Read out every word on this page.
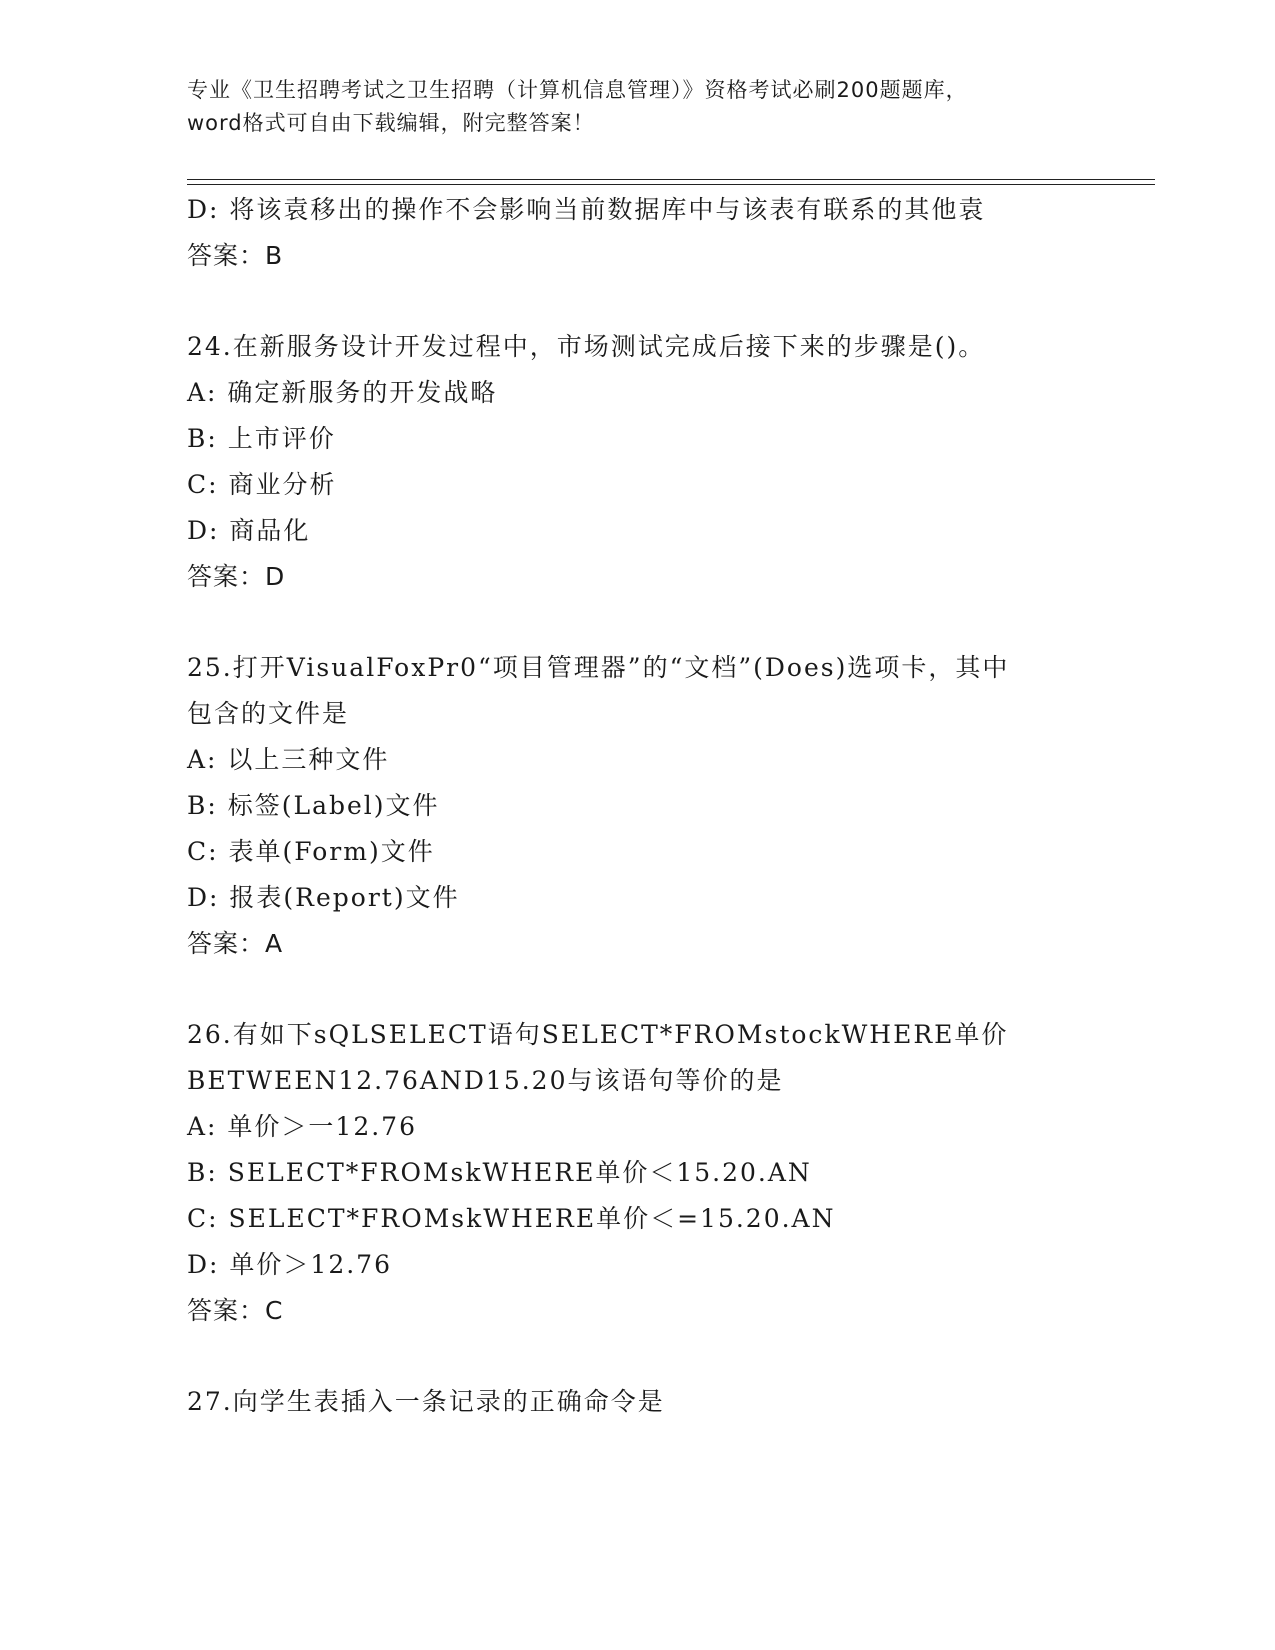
专业《卫生招聘考试之卫生招聘（计算机信息管理）》资格考试必刷200题题库，
word格式可自由下载编辑，附完整答案！
D: 将该袁移出的操作不会影响当前数据库中与该表有联系的其他袁
答案：B
24.在新服务设计开发过程中，市场测试完成后接下来的步骤是()。
A: 确定新服务的开发战略
B: 上市评价
C: 商业分析
D: 商品化
答案：D
25.打开VisualFoxPr0“项目管理器”的“文档”(Does)选项卡，其中
包含的文件是
A: 以上三种文件
B: 标签(Label)文件
C: 表单(Form)文件
D: 报表(Report)文件
答案：A
26.有如下sQLSELECT语句SELECT*FROMstockWHERE单价
BETWEEN12.76AND15.20与该语句等价的是
A: 单价＞一12.76
B: SELECT*FROMskWHERE单价＜15.20.AN
C: SELECT*FROMskWHERE单价＜=15.20.AN
D: 单价＞12.76
答案：C
27.向学生表插入一条记录的正确命令是
